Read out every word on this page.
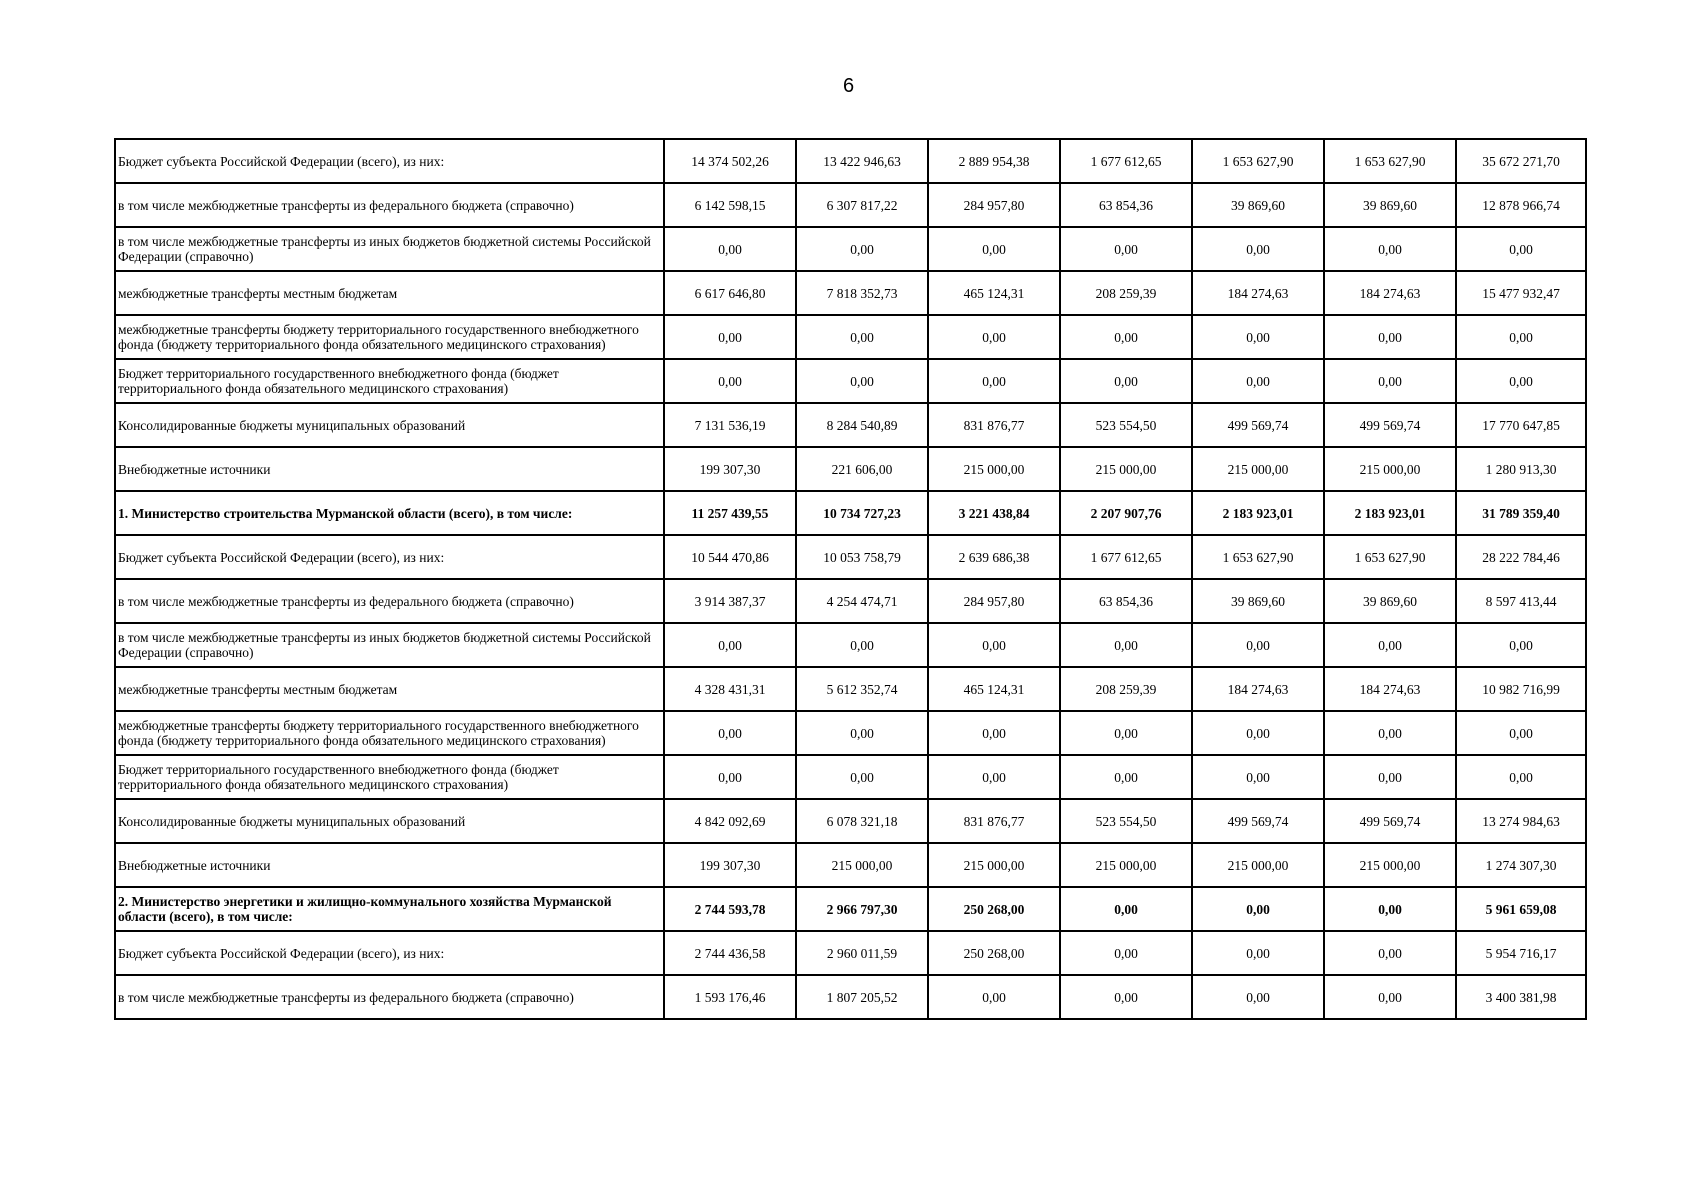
6
Бюджет субъекта Российской Федерации (всего), из них:	14 374 502,26	13 422 946,63	2 889 954,38	1 677 612,65	1 653 627,90	1 653 627,90	35 672 271,70
в том числе межбюджетные трансферты из федерального бюджета (справочно)	6 142 598,15	6 307 817,22	284 957,80	63 854,36	39 869,60	39 869,60	12 878 966,74
в том числе межбюджетные трансферты из иных бюджетов бюджетной системы Российской Федерации (справочно)	0,00	0,00	0,00	0,00	0,00	0,00	0,00
межбюджетные трансферты местным бюджетам	6 617 646,80	7 818 352,73	465 124,31	208 259,39	184 274,63	184 274,63	15 477 932,47
межбюджетные трансферты бюджету территориального государственного внебюджетного фонда (бюджету территориального фонда обязательного медицинского страхования)	0,00	0,00	0,00	0,00	0,00	0,00	0,00
Бюджет территориального государственного внебюджетного фонда (бюджет территориального фонда обязательного медицинского страхования)	0,00	0,00	0,00	0,00	0,00	0,00	0,00
Консолидированные бюджеты муниципальных образований	7 131 536,19	8 284 540,89	831 876,77	523 554,50	499 569,74	499 569,74	17 770 647,85
Внебюджетные источники	199 307,30	221 606,00	215 000,00	215 000,00	215 000,00	215 000,00	1 280 913,30
1. Министерство строительства Мурманской области (всего), в том числе:	11 257 439,55	10 734 727,23	3 221 438,84	2 207 907,76	2 183 923,01	2 183 923,01	31 789 359,40
Бюджет субъекта Российской Федерации (всего), из них:	10 544 470,86	10 053 758,79	2 639 686,38	1 677 612,65	1 653 627,90	1 653 627,90	28 222 784,46
в том числе межбюджетные трансферты из федерального бюджета (справочно)	3 914 387,37	4 254 474,71	284 957,80	63 854,36	39 869,60	39 869,60	8 597 413,44
в том числе межбюджетные трансферты из иных бюджетов бюджетной системы Российской Федерации (справочно)	0,00	0,00	0,00	0,00	0,00	0,00	0,00
межбюджетные трансферты местным бюджетам	4 328 431,31	5 612 352,74	465 124,31	208 259,39	184 274,63	184 274,63	10 982 716,99
межбюджетные трансферты бюджету территориального государственного внебюджетного фонда (бюджету территориального фонда обязательного медицинского страхования)	0,00	0,00	0,00	0,00	0,00	0,00	0,00
Бюджет территориального государственного внебюджетного фонда (бюджет территориального фонда обязательного медицинского страхования)	0,00	0,00	0,00	0,00	0,00	0,00	0,00
Консолидированные бюджеты муниципальных образований	4 842 092,69	6 078 321,18	831 876,77	523 554,50	499 569,74	499 569,74	13 274 984,63
Внебюджетные источники	199 307,30	215 000,00	215 000,00	215 000,00	215 000,00	215 000,00	1 274 307,30
2. Министерство энергетики и жилищно-коммунального хозяйства Мурманской области (всего), в том числе:	2 744 593,78	2 966 797,30	250 268,00	0,00	0,00	0,00	5 961 659,08
Бюджет субъекта Российской Федерации (всего), из них:	2 744 436,58	2 960 011,59	250 268,00	0,00	0,00	0,00	5 954 716,17
в том числе межбюджетные трансферты из федерального бюджета (справочно)	1 593 176,46	1 807 205,52	0,00	0,00	0,00	0,00	3 400 381,98
